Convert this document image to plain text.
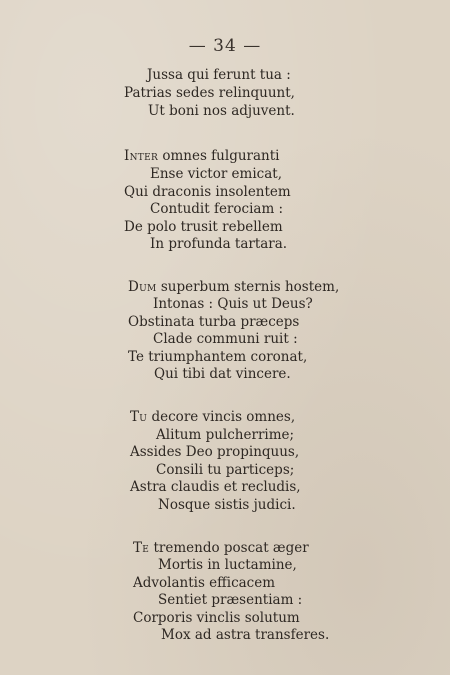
— 34 —
Jussa qui ferunt tua :
Patrias sedes relinquunt,
Ut boni nos adjuvent.
Inter omnes fulguranti
Ense victor emicat,
Qui draconis insolentem
Contudit ferociam :
De polo trusit rebellem
In profunda tartara.
Dum superbum sternis hostem,
Intonas : Quis ut Deus?
Obstinata turba præceps
Clade communi ruit :
Te triumphantem coronat,
Qui tibi dat vincere.
Tu decore vincis omnes,
Alitum pulcherrime;
Assides Deo propinquus,
Consili tu particeps;
Astra claudis et recludis,
Nosque sistis judici.
Te tremendo poscat æger
Mortis in luctamine,
Advolantis efficacem
Sentiet præsentiam :
Corporis vinclis solutum
Mox ad astra transferes.
